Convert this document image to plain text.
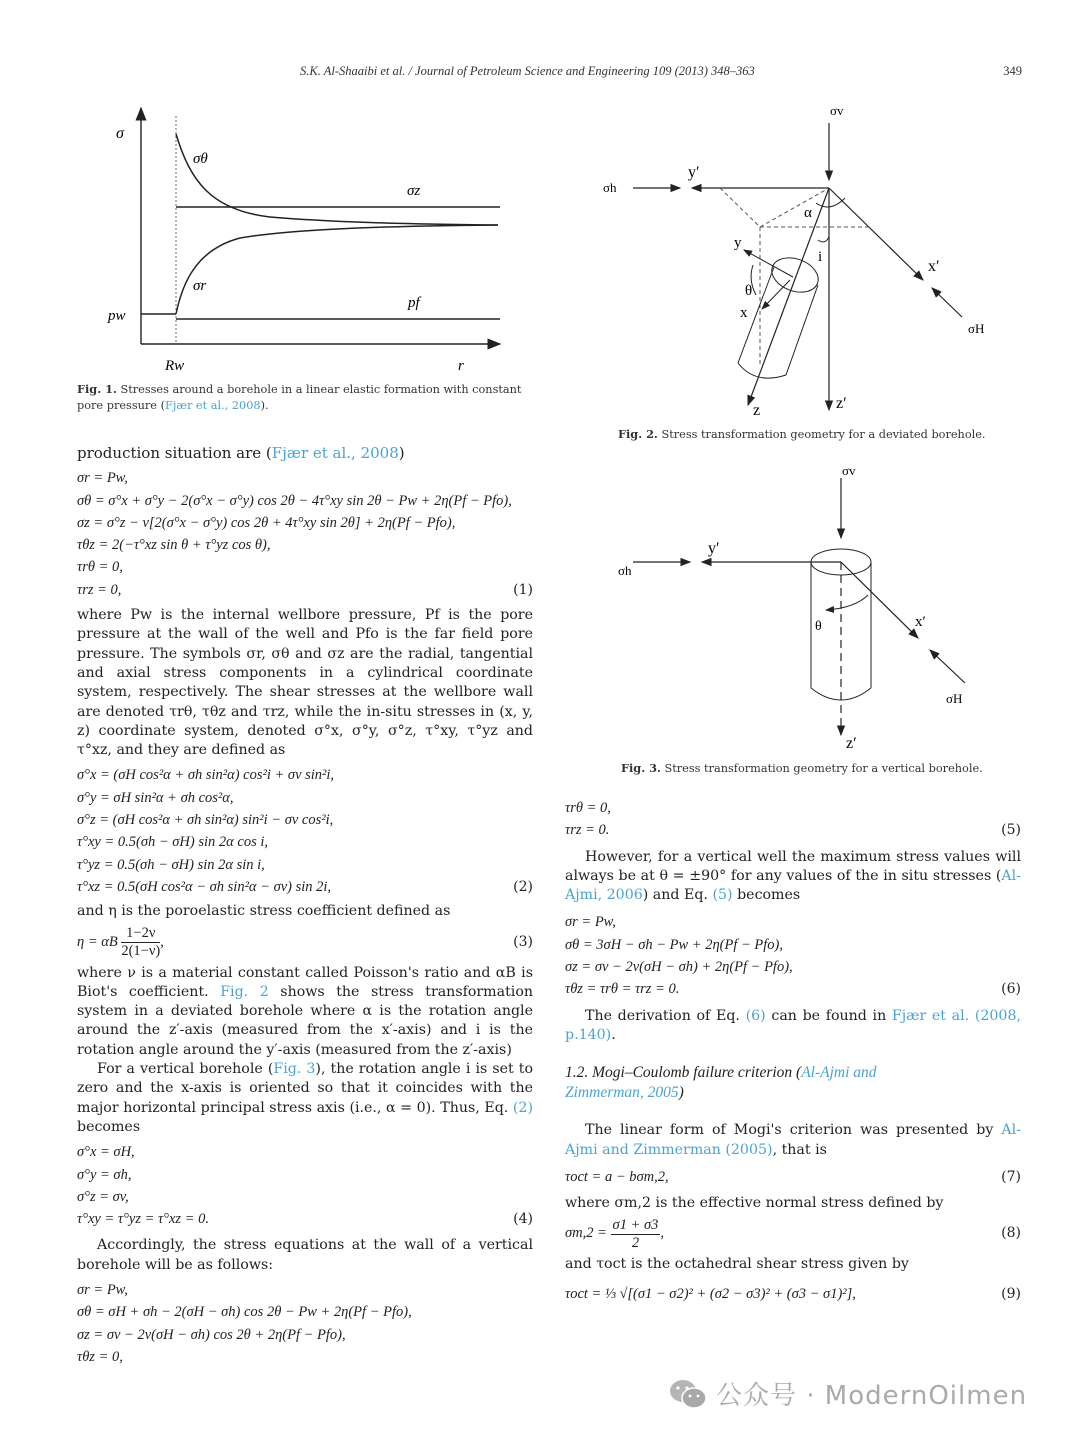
S.K. Al-Shaaibi et al. / Journal of Petroleum Science and Engineering 109 (2013) 348–363	349
σ
σθ
σz
σr
pf
pw
Rw	r
Fig. 1. Stresses around a borehole in a linear elastic formation with constant pore pressure (Fjær et al., 2008).
σv
σh
y′
α
y
i
θ
x
x′
σH
z	z′
Fig. 2. Stress transformation geometry for a deviated borehole.
σv
σh
y′
θ	x′
σH
z′
Fig. 3. Stress transformation geometry for a vertical borehole.

production situation are (Fjær et al., 2008)

σr = Pw,
σθ = σ°x + σ°y − 2(σ°x − σ°y) cos 2θ − 4τ°xy sin 2θ − Pw + 2η(Pf − Pfo),
σz = σ°z − ν[2(σ°x − σ°y) cos 2θ + 4τ°xy sin 2θ] + 2η(Pf − Pfo),
τθz = 2(−τ°xz sin θ + τ°yz cos θ),
τrθ = 0,
τrz = 0,	(1)

where Pw is the internal wellbore pressure, Pf is the pore pressure at the wall of the well and Pfo is the far field pore pressure. The symbols σr, σθ and σz are the radial, tangential and axial stress components in a cylindrical coordinate system, respectively. The shear stresses at the wellbore wall are denoted τrθ, τθz and τrz, while the in-situ stresses in (x, y, z) coordinate system, denoted σ°x, σ°y, σ°z, τ°xy, τ°yz and τ°xz, and they are defined as

σ°x = (σH cos²α + σh sin²α) cos²i + σv sin²i,
σ°y = σH sin²α + σh cos²α,
σ°z = (σH cos²α + σh sin²α) sin²i − σv cos²i,
τ°xy = 0.5(σh − σH) sin 2α cos i,
τ°yz = 0.5(σh − σH) sin 2α sin i,
τ°xz = 0.5(σH cos²α − σh sin²α − σv) sin 2i,	(2)

and η is the poroelastic stress coefficient defined as

η = αB $\frac{1-2\nu}{2(1-\nu)}$ ,	(3)

where ν is a material constant called Poisson's ratio and αB is Biot's coefficient. Fig. 2 shows the stress transformation system in a deviated borehole where α is the rotation angle around the z′-axis (measured from the x′-axis) and i is the rotation angle around the y′-axis (measured from the z′-axis)

For a vertical borehole (Fig. 3), the rotation angle i is set to zero and the x-axis is oriented so that it coincides with the major horizontal principal stress axis (i.e., α = 0). Thus, Eq. (2) becomes

σ°x = σH,
σ°y = σh,
σ°z = σv,
τ°xy = τ°yz = τ°xz = 0.	(4)

Accordingly, the stress equations at the wall of a vertical borehole will be as follows:

σr = Pw,
σθ = σH + σh − 2(σH − σh) cos 2θ − Pw + 2η(Pf − Pfo),
σz = σv − 2ν(σH − σh) cos 2θ + 2η(Pf − Pfo),
τθz = 0,
τrθ = 0,
τrz = 0.	(5)

However, for a vertical well the maximum stress values will always be at θ = ±90° for any values of the in situ stresses (Al-Ajmi, 2006) and Eq. (5) becomes

σr = Pw,
σθ = 3σH − σh − Pw + 2η(Pf − Pfo),
σz = σv − 2ν(σH − σh) + 2η(Pf − Pfo),
τθz = τrθ = τrz = 0.	(6)

The derivation of Eq. (6) can be found in Fjær et al. (2008, p.140).

1.2. Mogi–Coulomb failure criterion (Al-Ajmi and Zimmerman, 2005)

The linear form of Mogi's criterion was presented by Al-Ajmi and Zimmerman (2005), that is

τoct = a − bσm,2,	(7)

where σm,2 is the effective normal stress defined by

$\sigma m,2 = \frac{\sigma 1 + \sigma 3}{2}$ ,	(8)

and τoct is the octahedral shear stress given by

τoct = ⅓ √[(σ1 − σ2)² + (σ2 − σ3)² + (σ3 − σ1)²],	(9)
公众号 · ModernOilmen
